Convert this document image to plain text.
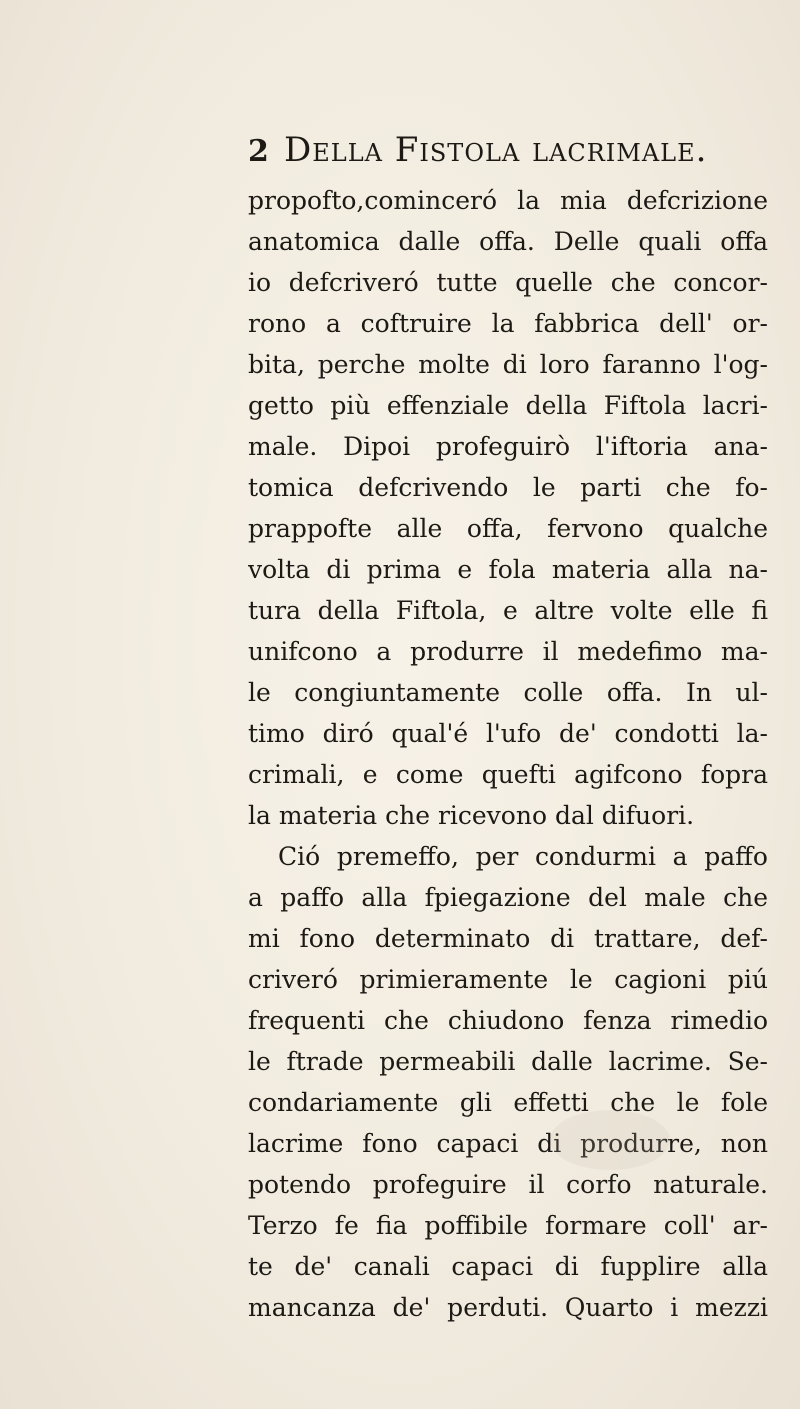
2 Della Fistola lacrimale.
propofto,cominceró la mia defcrizione
anatomica dalle offa. Delle quali offa
io defcriveró tutte quelle che concor-
rono a coftruire la fabbrica dell' or-
bita, perche molte di loro faranno l'og-
getto più effenziale della Fiftola lacri-
male. Dipoi profeguirò l'iftoria ana-
tomica defcrivendo le parti che fo-
prappofte alle offa, fervono qualche
volta di prima e fola materia alla na-
tura della Fiftola, e altre volte elle fi
unifcono a produrre il medefimo ma-
le congiuntamente colle offa. In ul-
timo diró qual'é l'ufo de' condotti la-
crimali, e come quefti agifcono fopra
la materia che ricevono dal difuori.
Ció premeffo, per condurmi a paffo
a paffo alla fpiegazione del male che
mi fono determinato di trattare, def-
criveró primieramente le cagioni piú
frequenti che chiudono fenza rimedio
le ftrade permeabili dalle lacrime. Se-
condariamente gli effetti che le fole
lacrime fono capaci di produrre, non
potendo profeguire il corfo naturale.
Terzo fe fia poffibile formare coll' ar-
te de' canali capaci di fupplire alla
mancanza de' perduti. Quarto i mezzi
